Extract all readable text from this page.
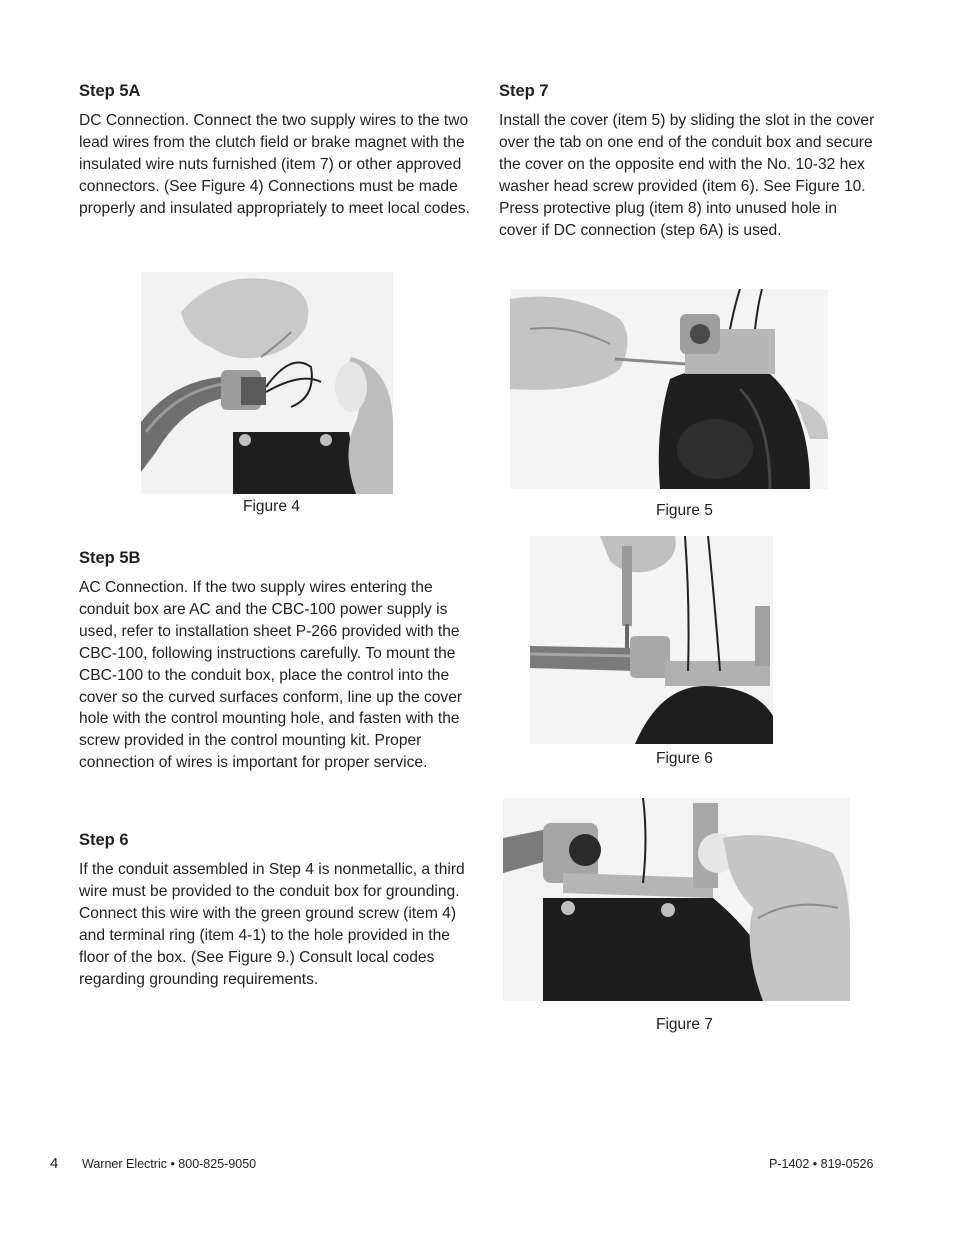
Step 5A

DC Connection. Connect the two supply wires to the two lead wires from the clutch field or brake magnet with the insulated wire nuts furnished (item 7) or other approved connectors. (See Figure 4) Connections must be made properly and insulated appropriately to meet local codes.

Step 7

Install the cover (item 5) by sliding the slot in the cover over the tab on one end of the conduit box and secure the cover on the opposite end with the No. 10-32 hex washer head screw provided (item 6). See Figure 10. Press protective plug (item 8) into unused hole in cover if DC connection (step 6A) is used.

Figure 4	Figure 5
Step 5B

AC Connection. If the two supply wires entering the conduit box are AC and the CBC-100 power supply is used, refer to installation sheet P-266 provided with the CBC-100, following instructions carefully. To mount the CBC-100 to the conduit box, place the control into the cover so the curved surfaces conform, line up the cover hole with the control mounting hole, and fasten with the screw provided in the control mounting kit. Proper connection of wires is important for proper service.	Figure 6
Step 6

If the conduit assembled in Step 4 is nonmetallic, a third wire must be provided to the conduit box for grounding. Connect this wire with the green ground screw (item 4) and terminal ring (item 4-1) to the hole provided in the floor of the box. (See Figure 9.) Consult local codes regarding grounding requirements.

Figure 7
4 Warner Electric • 800-825-9050	P-1402 • 819-0526
